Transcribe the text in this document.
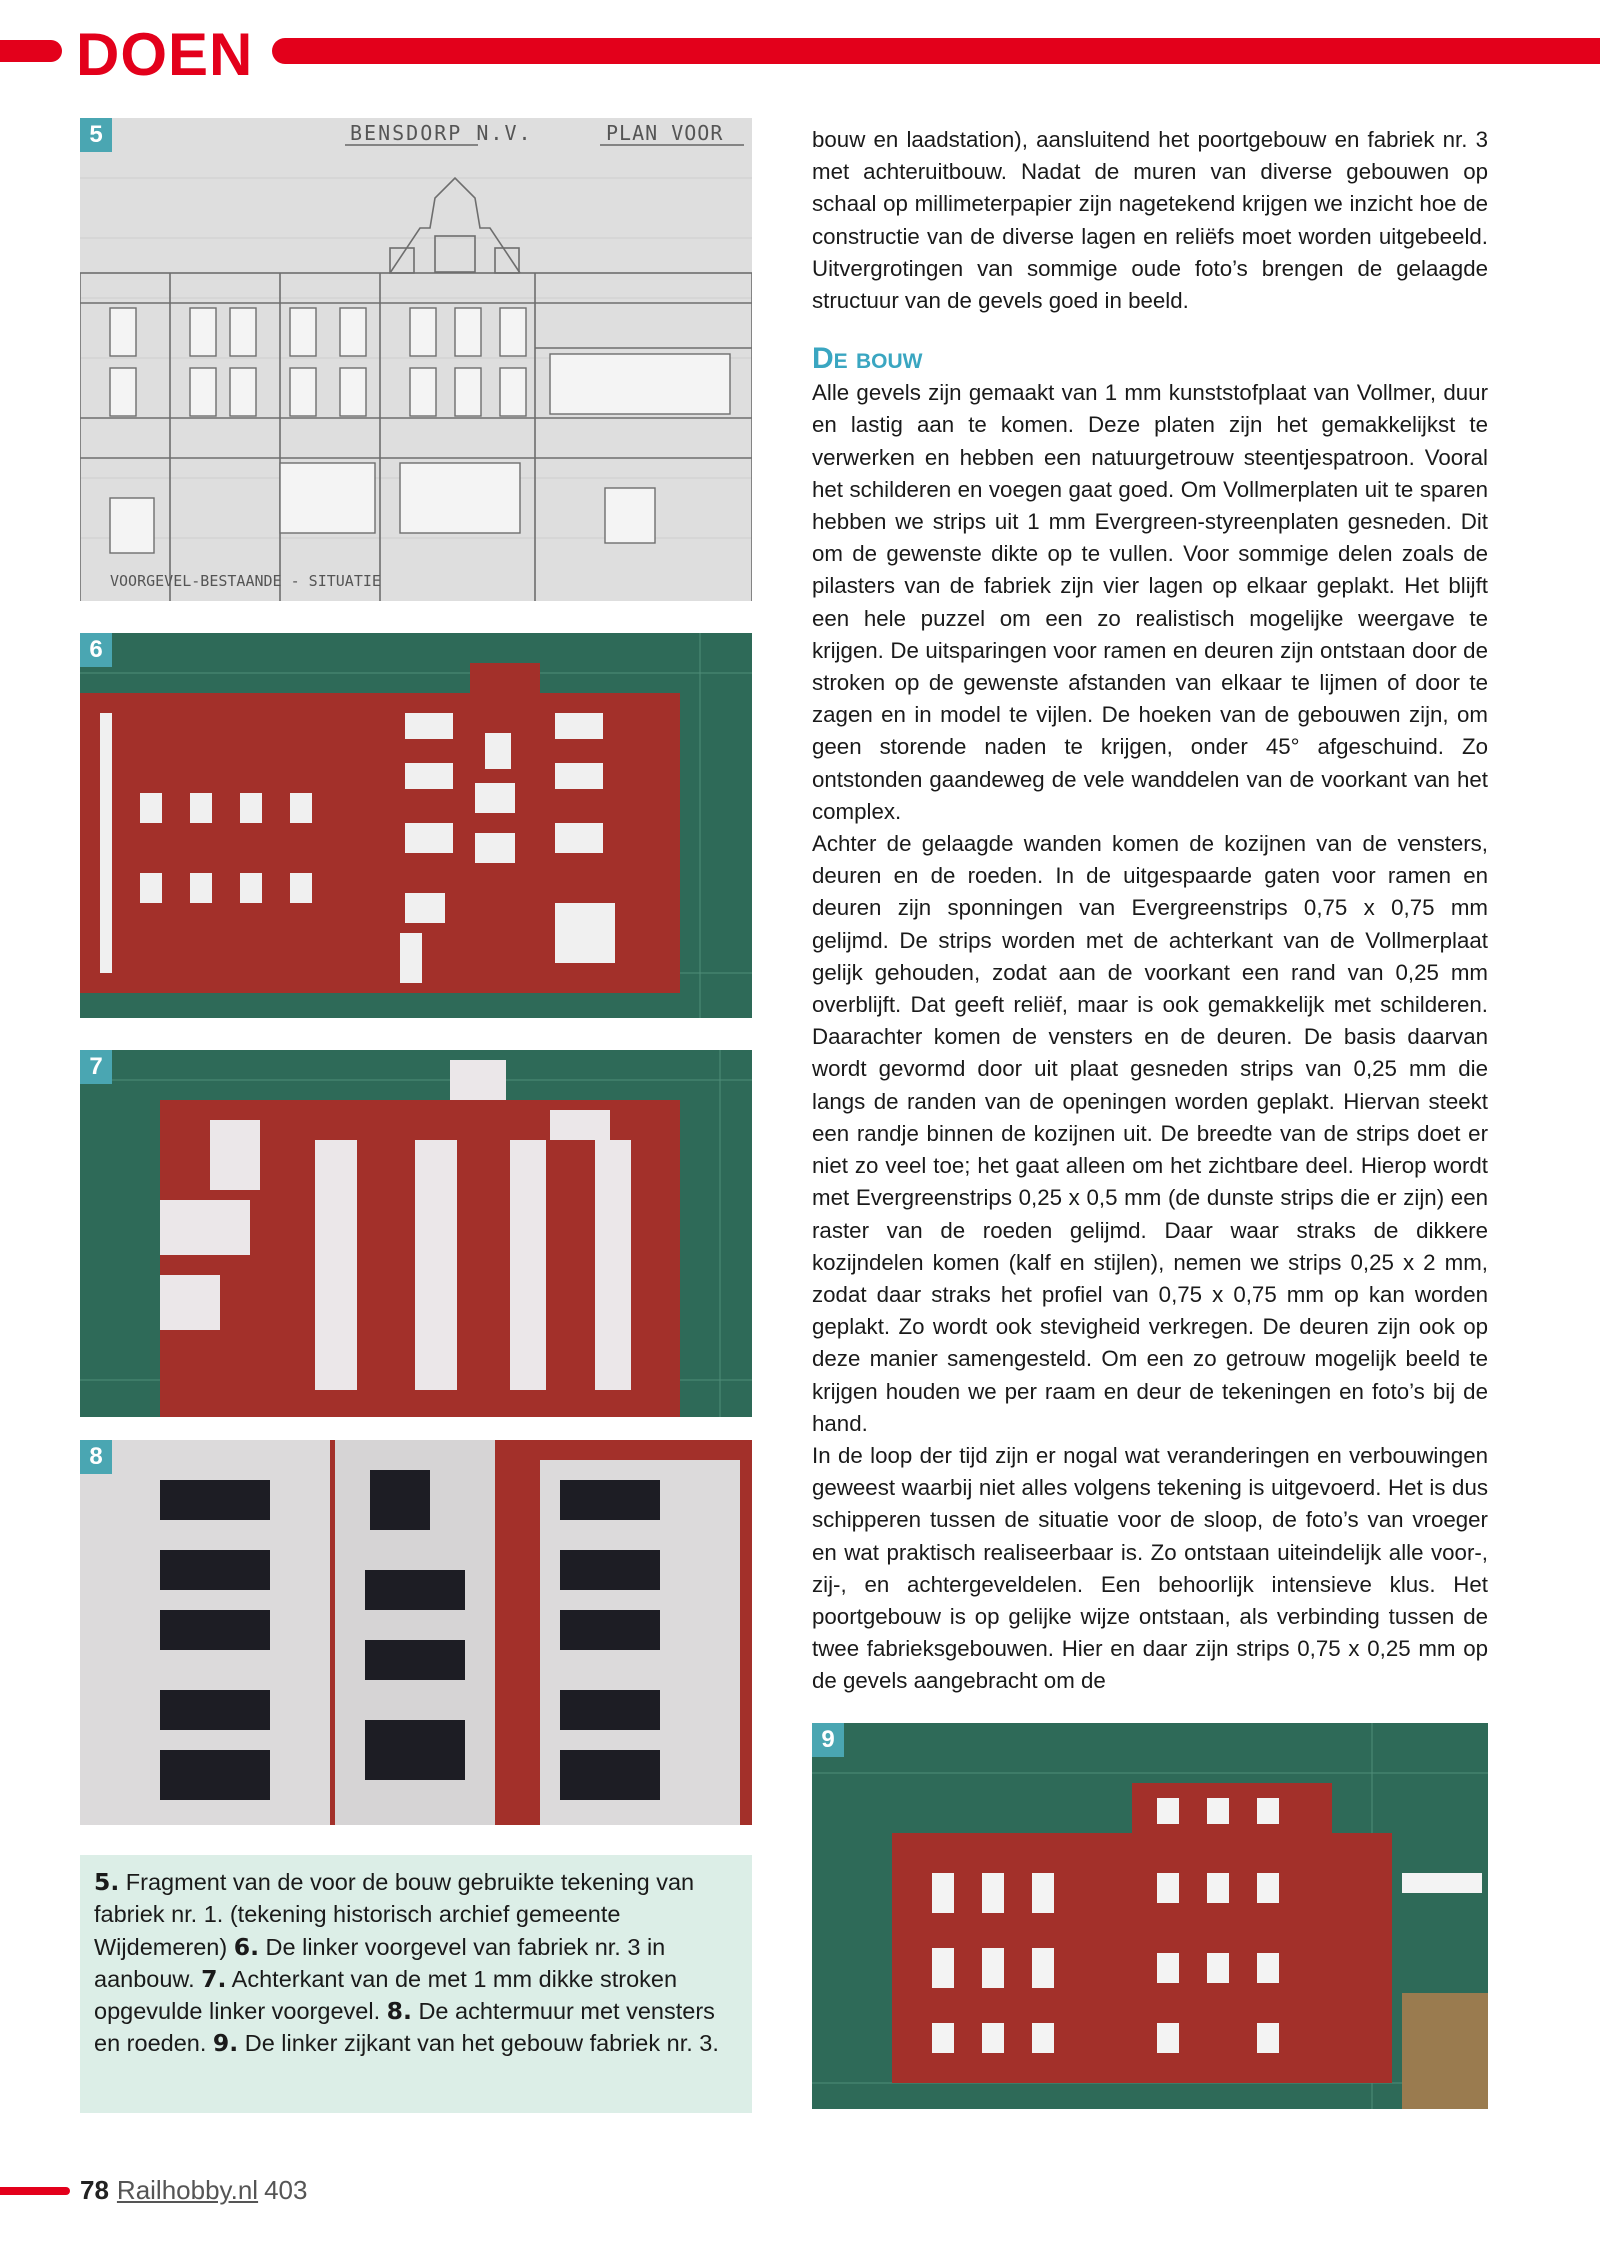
DOEN
5	BENSDORP N.V.	PLAN VOOR
VOORGEVEL-BESTAANDE - SITUATIE
6
7
8
9

bouw en laadstation), aansluitend het poortgebouw en fabriek nr. 3 met achteruitbouw. Nadat de muren van diverse gebouwen op schaal op millimeterpapier zijn nagetekend krijgen we inzicht hoe de constructie van de diverse lagen en reliëfs moet worden uitgebeeld. Uitvergrotingen van sommige oude foto’s brengen de gelaagde structuur van de gevels goed in beeld.

De bouw

Alle gevels zijn gemaakt van 1 mm kunststofplaat van Vollmer, duur en lastig aan te komen. Deze platen zijn het gemakkelijkst te verwerken en hebben een natuurgetrouw steentjespatroon. Vooral het schilderen en voegen gaat goed. Om Vollmerplaten uit te sparen hebben we strips uit 1 mm Evergreen-styreenplaten gesneden. Dit om de gewenste dikte op te vullen. Voor sommige delen zoals de pilasters van de fabriek zijn vier lagen op elkaar geplakt. Het blijft een hele puzzel om een zo realistisch mogelijke weergave te krijgen. De uitsparingen voor ramen en deuren zijn ontstaan door de stroken op de gewenste afstanden van elkaar te lijmen of door te zagen en in model te vijlen. De hoeken van de gebouwen zijn, om geen storende naden te krijgen, onder 45° afgeschuind. Zo ontstonden gaandeweg de vele wanddelen van de voorkant van het complex.

Achter de gelaagde wanden komen de kozijnen van de vensters, deuren en de roeden. In de uitgespaarde gaten voor ramen en deuren zijn sponningen van Evergreenstrips 0,75 x 0,75 mm gelijmd. De strips worden met de achterkant van de Vollmerplaat gelijk gehouden, zodat aan de voorkant een rand van 0,25 mm overblijft. Dat geeft reliëf, maar is ook gemakkelijk met schilderen. Daarachter komen de vensters en de deuren. De basis daarvan wordt gevormd door uit plaat gesneden strips van 0,25 mm die langs de randen van de openingen worden geplakt. Hiervan steekt een randje binnen de kozijnen uit. De breedte van de strips doet er niet zo veel toe; het gaat alleen om het zichtbare deel. Hierop wordt met Evergreenstrips 0,25 x 0,5 mm (de dunste strips die er zijn) een raster van de roeden gelijmd. Daar waar straks de dikkere kozijndelen komen (kalf en stijlen), nemen we strips 0,25 x 2 mm, zodat daar straks het profiel van 0,75 x 0,75 mm op kan worden geplakt. Zo wordt ook stevigheid verkregen. De deuren zijn ook op deze manier samengesteld. Om een zo getrouw mogelijk beeld te krijgen houden we per raam en deur de tekeningen en foto’s bij de hand.

In de loop der tijd zijn er nogal wat veranderingen en verbouwingen geweest waarbij niet alles volgens tekening is uitgevoerd. Het is dus schipperen tussen de situatie voor de sloop, de foto’s van vroeger en wat praktisch realiseerbaar is. Zo ontstaan uiteindelijk alle voor-, zij-, en achtergeveldelen. Een behoorlijk intensieve klus. Het poortgebouw is op gelijke wijze ontstaan, als verbinding tussen de twee fabrieksgebouwen. Hier en daar zijn strips 0,75 x 0,25 mm op de gevels aangebracht om de

5. Fragment van de voor de bouw gebruikte tekening van fabriek nr. 1. (tekening historisch archief gemeente Wijdemeren) 6. De linker voorgevel van fabriek nr. 3 in aanbouw. 7. Achterkant van de met 1 mm dikke stroken opgevulde linker voorgevel. 8. De achtermuur met vensters en roeden. 9. De linker zijkant van het gebouw fabriek nr. 3.
78 Railhobby.nl 403
